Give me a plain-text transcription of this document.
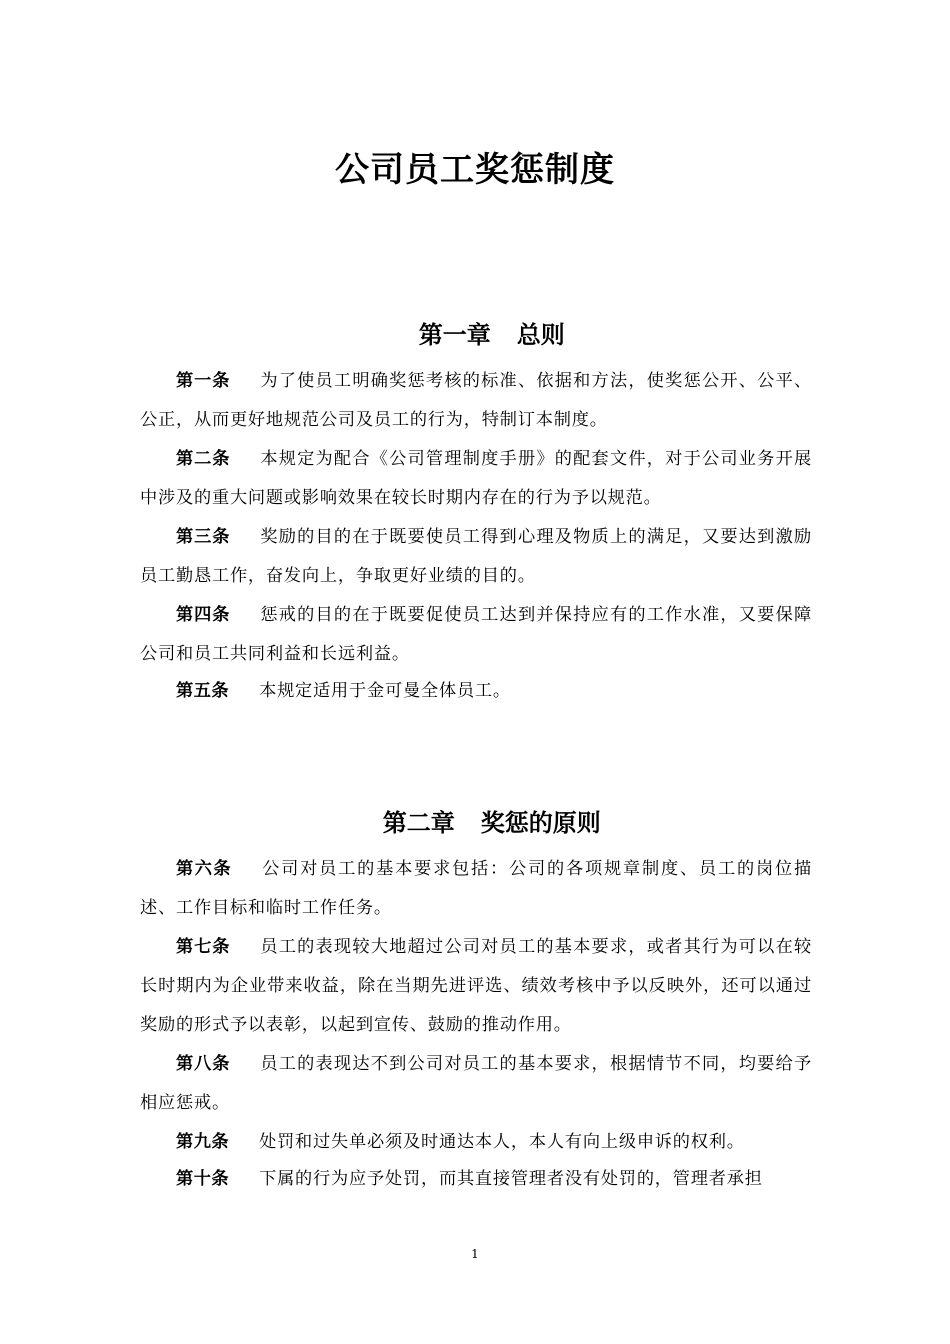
公司员工奖惩制度

第一章 总则

第一条 为了使员工明确奖惩考核的标准、依据和方法，使奖惩公开、公平、公正，从而更好地规范公司及员工的行为，特制订本制度。
第二条 本规定为配合《公司管理制度手册》的配套文件，对于公司业务开展中涉及的重大问题或影响效果在较长时期内存在的行为予以规范。
第三条 奖励的目的在于既要使员工得到心理及物质上的满足，又要达到激励员工勤恳工作，奋发向上，争取更好业绩的目的。
第四条 惩戒的目的在于既要促使员工达到并保持应有的工作水准，又要保障公司和员工共同利益和长远利益。
第五条 本规定适用于金可曼全体员工。

第二章 奖惩的原则

第六条 公司对员工的基本要求包括：公司的各项规章制度、员工的岗位描述、工作目标和临时工作任务。
第七条 员工的表现较大地超过公司对员工的基本要求，或者其行为可以在较长时期内为企业带来收益，除在当期先进评选、绩效考核中予以反映外，还可以通过奖励的形式予以表彰，以起到宣传、鼓励的推动作用。
第八条 员工的表现达不到公司对员工的基本要求，根据情节不同，均要给予相应惩戒。
第九条 处罚和过失单必须及时通达本人，本人有向上级申诉的权利。
第十条 下属的行为应予处罚，而其直接管理者没有处罚的，管理者承担
1
